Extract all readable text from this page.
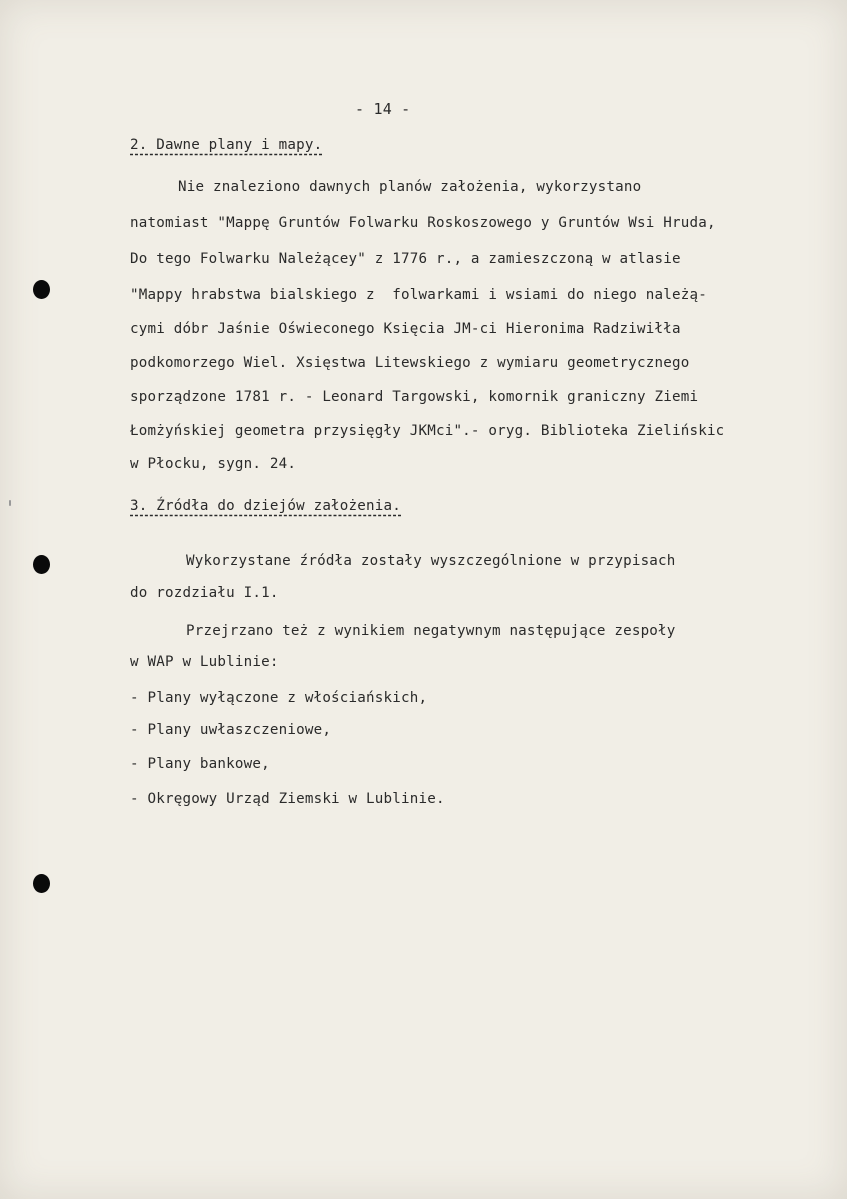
- 14 -
2. Dawne plany i mapy.
Nie znaleziono dawnych planów założenia, wykorzystano
natomiast "Mappę Gruntów Folwarku Roskoszowego y Gruntów Wsi Hruda,
Do tego Folwarku Należącey" z 1776 r., a zamieszczoną w atlasie
"Mappy hrabstwa bialskiego z  folwarkami i wsiami do niego należą-
cymi dóbr Jaśnie Oświeconego Księcia JM-ci Hieronima Radziwiłła
podkomorzego Wiel. Xsięstwa Litewskiego z wymiaru geometrycznego
sporządzone 1781 r. - Leonard Targowski, komornik graniczny Ziemi
Łomżyńskiej geometra przysięgły JKMci".- oryg. Biblioteka Zielińskic
w Płocku, sygn. 24.
3. Źródła do dziejów założenia.
Wykorzystane źródła zostały wyszczególnione w przypisach
do rozdziału I.1.
Przejrzano też z wynikiem negatywnym następujące zespoły
w WAP w Lublinie:
- Plany wyłączone z włościańskich,
- Plany uwłaszczeniowe,
- Plany bankowe,
- Okręgowy Urząd Ziemski w Lublinie.
